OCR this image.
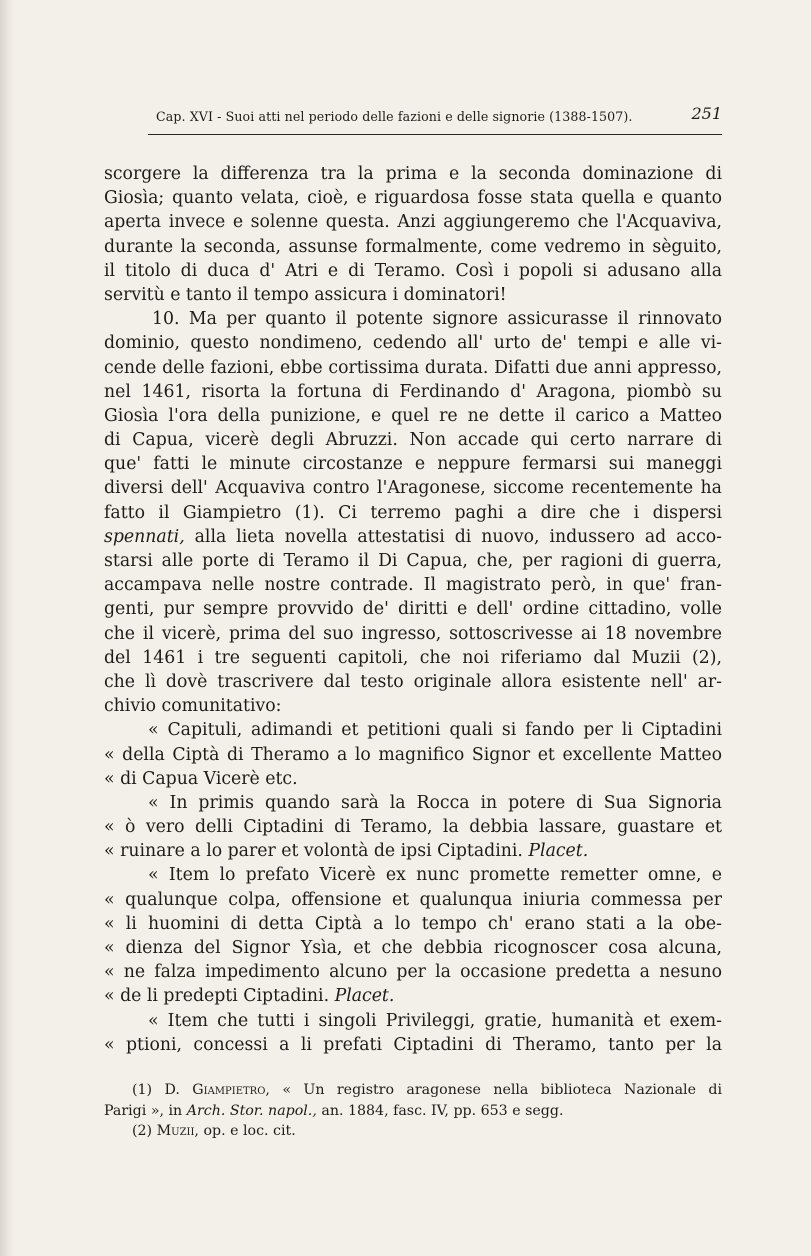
Cap. XVI - Suoi atti nel periodo delle fazioni e delle signorie (1388-1507).	251
scorgere la differenza tra la prima e la seconda dominazione di
Giosìa; quanto velata, cioè, e riguardosa fosse stata quella e quanto
aperta invece e solenne questa. Anzi aggiungeremo che l'Acquaviva,
durante la seconda, assunse formalmente, come vedremo in sèguito,
il titolo di duca d' Atri e di Teramo. Così i popoli si adusano alla
servitù e tanto il tempo assicura i dominatori!
10. Ma per quanto il potente signore assicurasse il rinnovato
dominio, questo nondimeno, cedendo all' urto de' tempi e alle vi-
cende delle fazioni, ebbe cortissima durata. Difatti due anni appresso,
nel 1461, risorta la fortuna di Ferdinando d' Aragona, piombò su
Giosìa l'ora della punizione, e quel re ne dette il carico a Matteo
di Capua, vicerè degli Abruzzi. Non accade qui certo narrare di
que' fatti le minute circostanze e neppure fermarsi sui maneggi
diversi dell' Acquaviva contro l'Aragonese, siccome recentemente ha
fatto il Giampietro (1). Ci terremo paghi a dire che i dispersi
spennati, alla lieta novella attestatisi di nuovo, indussero ad acco-
starsi alle porte di Teramo il Di Capua, che, per ragioni di guerra,
accampava nelle nostre contrade. Il magistrato però, in que' fran-
genti, pur sempre provvido de' diritti e dell' ordine cittadino, volle
che il vicerè, prima del suo ingresso, sottoscrivesse ai 18 novembre
del 1461 i tre seguenti capitoli, che noi riferiamo dal Muzii (2),
che lì dovè trascrivere dal testo originale allora esistente nell' ar-
chivio comunitativo:
« Capituli, adimandi et petitioni quali si fando per li Ciptadini
« della Ciptà di Theramo a lo magnifico Signor et excellente Matteo
« di Capua Vicerè etc.
« In primis quando sarà la Rocca in potere di Sua Signoria
« ò vero delli Ciptadini di Teramo, la debbia lassare, guastare et
« ruinare a lo parer et volontà de ipsi Ciptadini. Placet.
« Item lo prefato Vicerè ex nunc promette remetter omne, e
« qualunque colpa, offensione et qualunqua iniuria commessa per
« li huomini di detta Ciptà a lo tempo ch' erano stati a la obe-
« dienza del Signor Ysìa, et che debbia ricognoscer cosa alcuna,
« ne falza impedimento alcuno per la occasione predetta a nesuno
« de li predepti Ciptadini. Placet.
« Item che tutti i singoli Privileggi, gratie, humanità et exem-
« ptioni, concessi a li prefati Ciptadini di Theramo, tanto per la
(1) D. Giampietro, « Un registro aragonese nella biblioteca Nazionale di
Parigi », in Arch. Stor. napol., an. 1884, fasc. IV, pp. 653 e segg.
(2) Muzii, op. e loc. cit.
